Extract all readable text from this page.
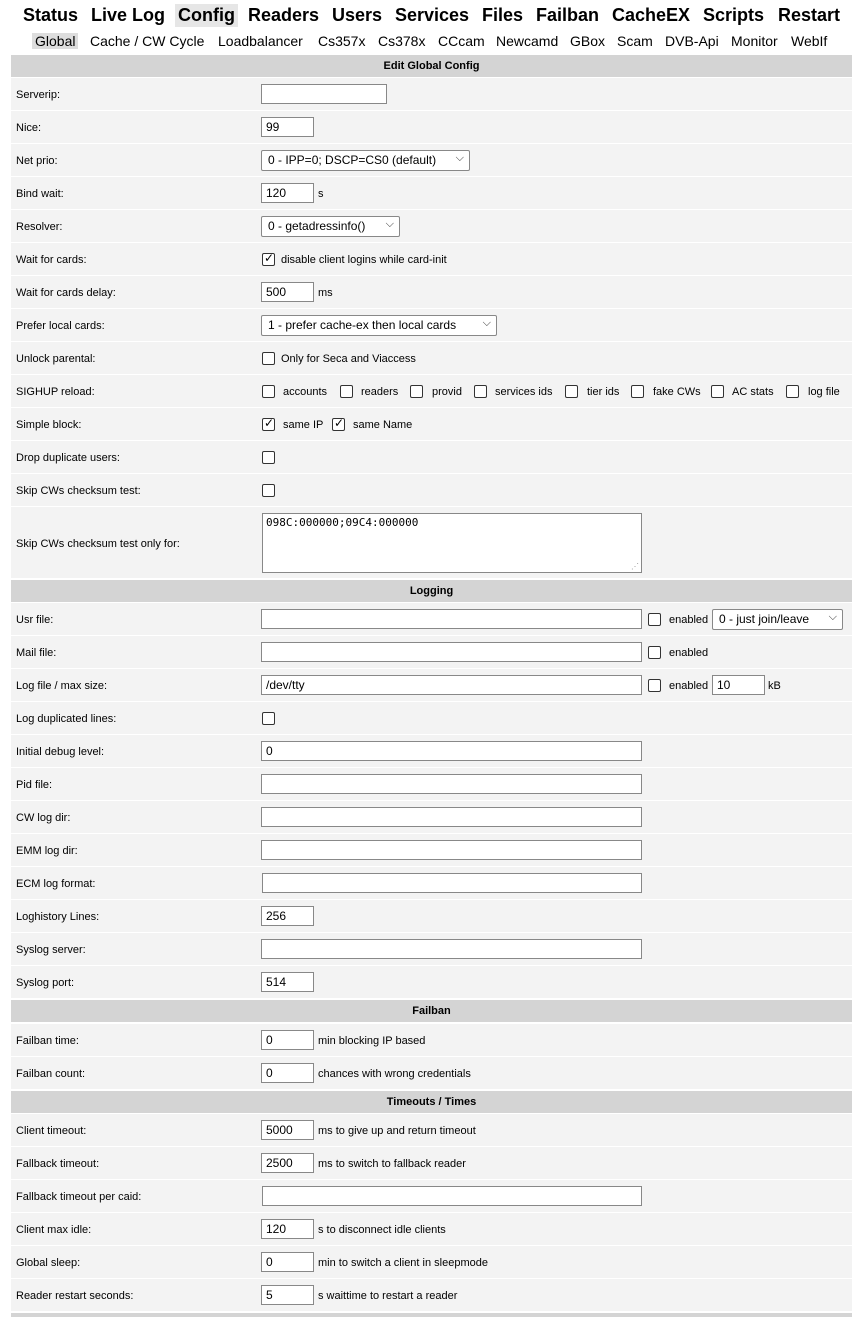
Status Live Log Config Readers Users Services Files Failban CacheEX Scripts Restart
Global Cache / CW Cycle Loadbalancer Cs357x Cs378x CCcam Newcamd GBox Scam DVB-Api Monitor WebIf
Edit Global Config
Serverip:
Nice:	99
Net prio:	0 - IPP=0; DSCP=CS0 (default) ⌵
Bind wait:	120	s
Resolver:	0 - getadressinfo() ⌵
Wait for cards: ✓	disable client logins while card-init
Wait for cards delay:	500	ms
Prefer local cards:	1 - prefer cache-ex then local cards ⌵
Unlock parental:	Only for Seca and Viaccess
SIGHUP reload:	accounts	readers	provid	services ids	tier ids	fake CWs	AC stats	log file
Simple block: ✓	same IP ✓	same Name
Drop duplicate users:
Skip CWs checksum test:
Skip CWs checksum test only for:
098C:000000;09C4:000000
⋰
Logging
Usr file:	enabled 0 - just join/leave ⌵
Mail file:	enabled
Log file / max size:	/dev/tty	enabled 10	kB
Log duplicated lines:
Initial debug level:	0
Pid file:
CW log dir:
EMM log dir:
ECM log format:
Loghistory Lines:	256
Syslog server:
Syslog port:	514
Failban
Failban time:	0	min blocking IP based
Failban count:	0	chances with wrong credentials
Timeouts / Times
Client timeout:	5000	ms to give up and return timeout
Fallback timeout:	2500	ms to switch to fallback reader
Fallback timeout per caid:
Client max idle:	120	s to disconnect idle clients
Global sleep:	0	min to switch a client in sleepmode
Reader restart seconds:	5	s waittime to restart a reader
